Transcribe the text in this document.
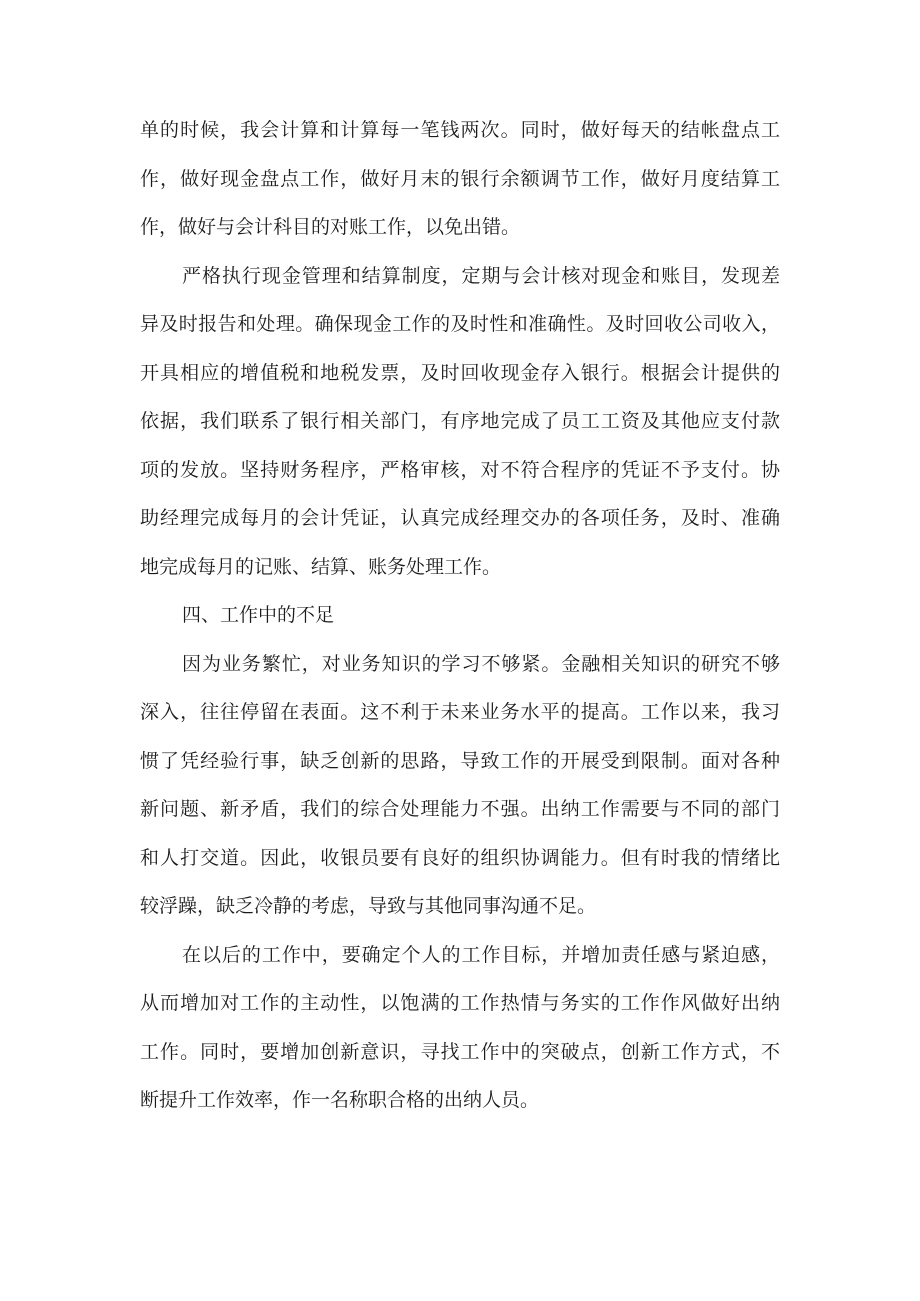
单的时候，我会计算和计算每一笔钱两次。同时，做好每天的结帐盘点工
作，做好现金盘点工作，做好月末的银行余额调节工作，做好月度结算工
作，做好与会计科目的对账工作，以免出错。
严格执行现金管理和结算制度，定期与会计核对现金和账目，发现差
异及时报告和处理。确保现金工作的及时性和准确性。及时回收公司收入，
开具相应的增值税和地税发票，及时回收现金存入银行。根据会计提供的
依据，我们联系了银行相关部门，有序地完成了员工工资及其他应支付款
项的发放。坚持财务程序，严格审核，对不符合程序的凭证不予支付。协
助经理完成每月的会计凭证，认真完成经理交办的各项任务，及时、准确
地完成每月的记账、结算、账务处理工作。
四、工作中的不足
因为业务繁忙，对业务知识的学习不够紧。金融相关知识的研究不够
深入，往往停留在表面。这不利于未来业务水平的提高。工作以来，我习
惯了凭经验行事，缺乏创新的思路，导致工作的开展受到限制。面对各种
新问题、新矛盾，我们的综合处理能力不强。出纳工作需要与不同的部门
和人打交道。因此，收银员要有良好的组织协调能力。但有时我的情绪比
较浮躁，缺乏冷静的考虑，导致与其他同事沟通不足。
在以后的工作中，要确定个人的工作目标，并增加责任感与紧迫感，
从而增加对工作的主动性，以饱满的工作热情与务实的工作作风做好出纳
工作。同时，要增加创新意识，寻找工作中的突破点，创新工作方式，不
断提升工作效率，作一名称职合格的出纳人员。
